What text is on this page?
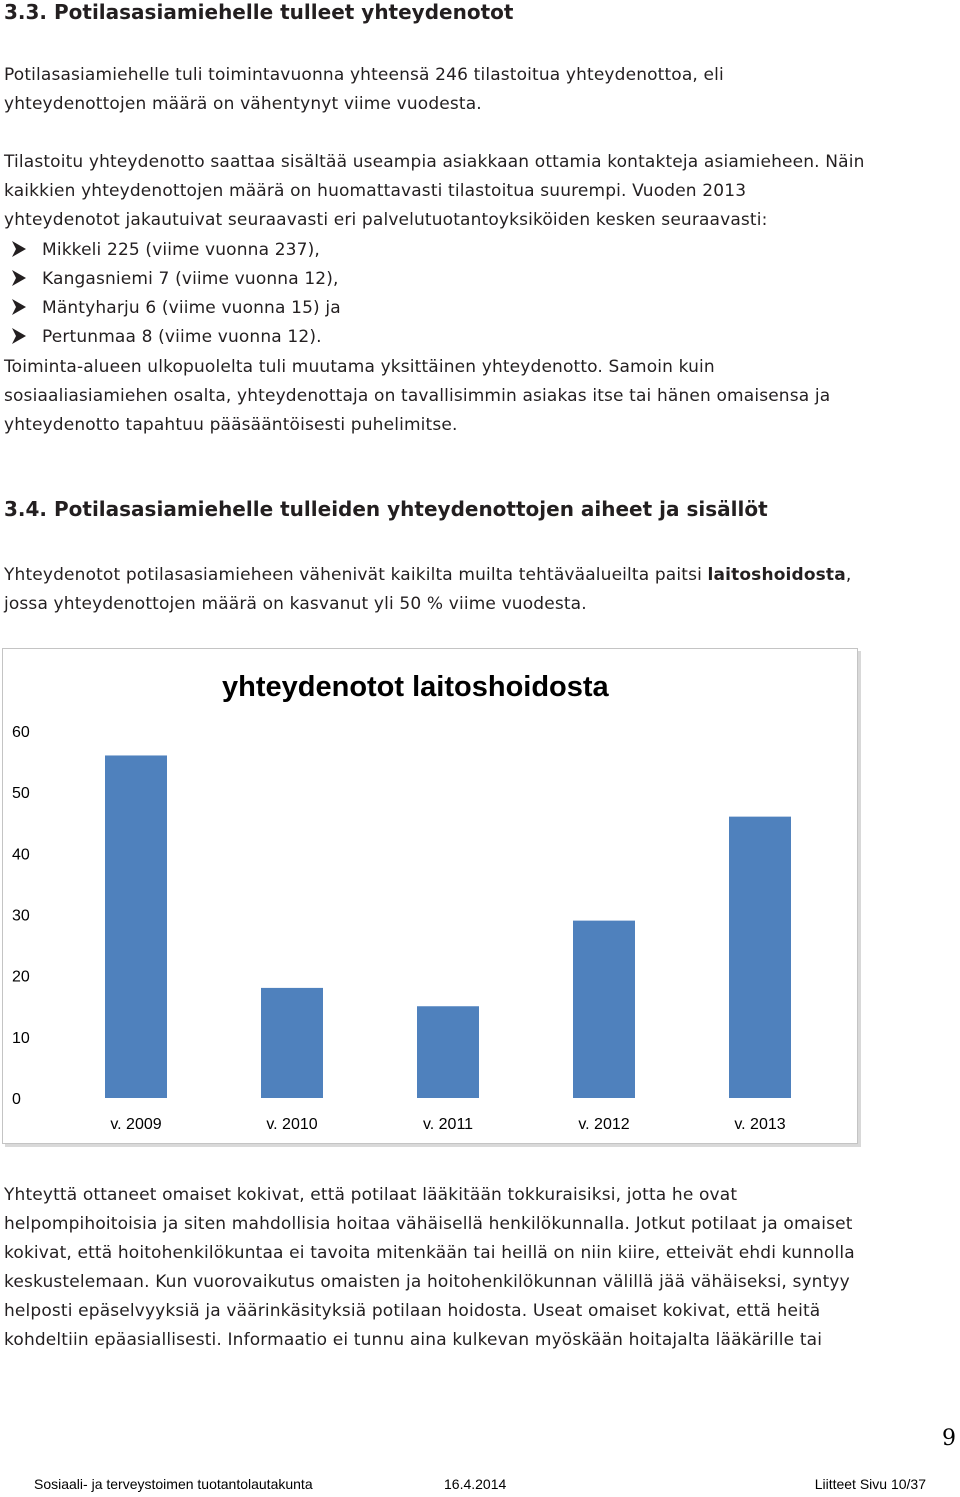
3.3. Potilasasiamiehelle tulleet yhteydenotot

Potilasasiamiehelle tuli toimintavuonna yhteensä 246 tilastoitua yhteydenottoa, eli

yhteydenottojen määrä on vähentynyt viime vuodesta.

Tilastoitu yhteydenotto saattaa sisältää useampia asiakkaan ottamia kontakteja asiamieheen. Näin

kaikkien yhteydenottojen määrä on huomattavasti tilastoitua suurempi. Vuoden 2013

yhteydenotot jakautuivat seuraavasti eri palvelutuotantoyksiköiden kesken seuraavasti:

Mikkeli 225 (viime vuonna 237),
Kangasniemi 7 (viime vuonna 12),
Mäntyharju 6 (viime vuonna 15) ja
Pertunmaa 8 (viime vuonna 12).

Toiminta-alueen ulkopuolelta tuli muutama yksittäinen yhteydenotto. Samoin kuin

sosiaaliasiamiehen osalta, yhteydenottaja on tavallisimmin asiakas itse tai hänen omaisensa ja

yhteydenotto tapahtuu pääsääntöisesti puhelimitse.

3.4. Potilasasiamiehelle tulleiden yhteydenottojen aiheet ja sisällöt

Yhteydenotot potilasasiamieheen vähenivät kaikilta muilta tehtäväalueilta paitsi laitoshoidosta,

jossa yhteydenottojen määrä on kasvanut yli 50 % viime vuodesta.

yhteydenotot laitoshoidosta
0
10
20
30
40
50
60
v. 2009	v. 2010	v. 2011	v. 2012	v. 2013

Yhteyttä ottaneet omaiset kokivat, että potilaat lääkitään tokkuraisiksi, jotta he ovat

helpompihoitoisia ja siten mahdollisia hoitaa vähäisellä henkilökunnalla. Jotkut potilaat ja omaiset

kokivat, että hoitohenkilökuntaa ei tavoita mitenkään tai heillä on niin kiire, etteivät ehdi kunnolla

keskustelemaan. Kun vuorovaikutus omaisten ja hoitohenkilökunnan välillä jää vähäiseksi, syntyy

helposti epäselvyyksiä ja väärinkäsityksiä potilaan hoidosta. Useat omaiset kokivat, että heitä

kohdeltiin epäasiallisesti. Informaatio ei tunnu aina kulkevan myöskään hoitajalta lääkärille tai

9
Sosiaali- ja terveystoimen tuotantolautakunta	16.4.2014	Liitteet Sivu 10/37
